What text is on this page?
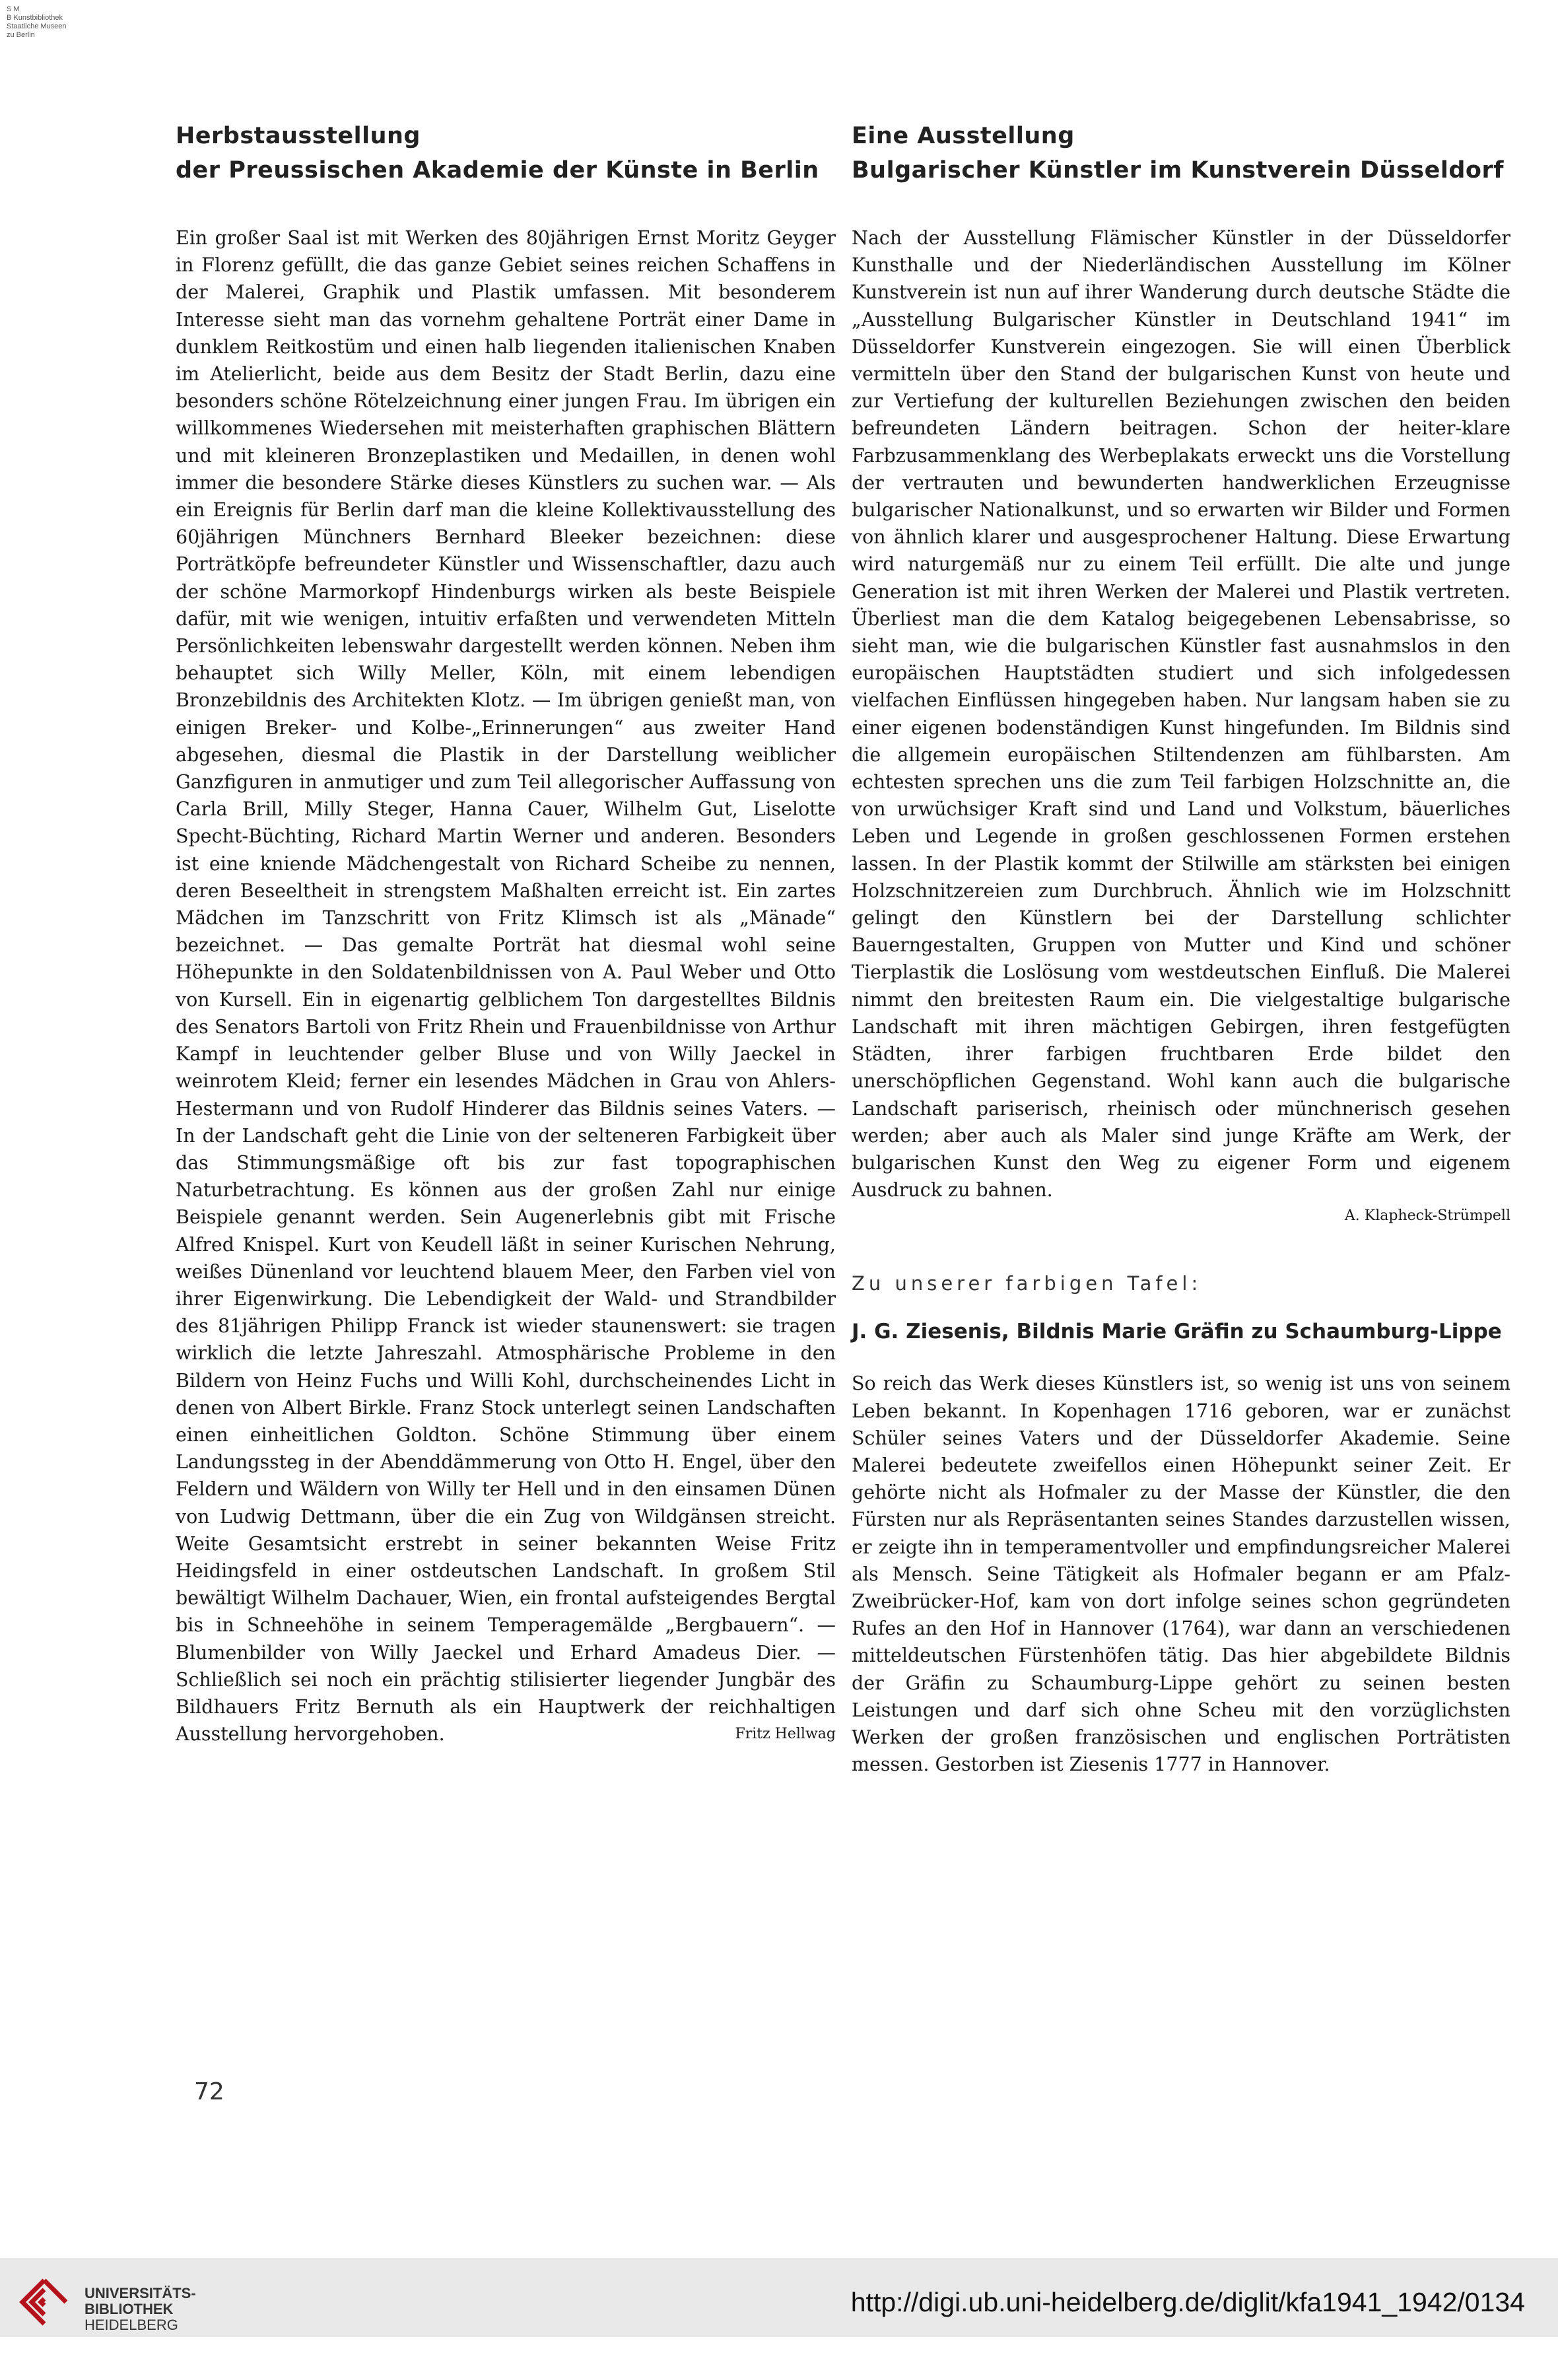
S M
B Kunstbibliothek
Staatliche Museen
zu Berlin
Herbstausstellung
der Preussischen Akademie der Künste in Berlin

Ein großer Saal ist mit Werken des 80jährigen Ernst Moritz Geyger in Florenz gefüllt, die das ganze Gebiet seines reichen Schaffens in der Malerei, Graphik und Plastik umfassen. Mit besonderem Interesse sieht man das vornehm gehaltene Porträt einer Dame in dunklem Reitkostüm und einen halb liegenden italienischen Knaben im Atelierlicht, beide aus dem Besitz der Stadt Berlin, dazu eine besonders schöne Rötelzeichnung einer jungen Frau. Im übrigen ein willkommenes Wiedersehen mit meisterhaften graphischen Blättern und mit kleineren Bronzeplastiken und Medaillen, in denen wohl immer die besondere Stärke dieses Künstlers zu suchen war. — Als ein Ereignis für Berlin darf man die kleine Kollektivausstellung des 60jährigen Münchners Bernhard Bleeker bezeichnen: diese Porträtköpfe befreundeter Künstler und Wissenschaftler, dazu auch der schöne Marmorkopf Hindenburgs wirken als beste Beispiele dafür, mit wie wenigen, intuitiv erfaßten und verwendeten Mitteln Persönlichkeiten lebenswahr dargestellt werden können. Neben ihm behauptet sich Willy Meller, Köln, mit einem lebendigen Bronzebildnis des Architekten Klotz. — Im übrigen genießt man, von einigen Breker- und Kolbe-„Erinnerungen“ aus zweiter Hand abgesehen, diesmal die Plastik in der Darstellung weiblicher Ganzfiguren in anmutiger und zum Teil allegorischer Auffassung von Carla Brill, Milly Steger, Hanna Cauer, Wilhelm Gut, Liselotte Specht-Büchting, Richard Martin Werner und anderen. Besonders ist eine kniende Mädchengestalt von Richard Scheibe zu nennen, deren Beseeltheit in strengstem Maßhalten erreicht ist. Ein zartes Mädchen im Tanzschritt von Fritz Klimsch ist als „Mänade“ bezeichnet. — Das gemalte Porträt hat diesmal wohl seine Höhepunkte in den Soldatenbildnissen von A. Paul Weber und Otto von Kursell. Ein in eigenartig gelblichem Ton dargestelltes Bildnis des Senators Bartoli von Fritz Rhein und Frauenbildnisse von Arthur Kampf in leuchtender gelber Bluse und von Willy Jaeckel in weinrotem Kleid; ferner ein lesendes Mädchen in Grau von Ahlers-Hestermann und von Rudolf Hinderer das Bildnis seines Vaters. — In der Landschaft geht die Linie von der selteneren Farbigkeit über das Stimmungsmäßige oft bis zur fast topographischen Naturbetrachtung. Es können aus der großen Zahl nur einige Beispiele genannt werden. Sein Augenerlebnis gibt mit Frische Alfred Knispel. Kurt von Keudell läßt in seiner Kurischen Nehrung, weißes Dünenland vor leuchtend blauem Meer, den Farben viel von ihrer Eigenwirkung. Die Lebendigkeit der Wald- und Strandbilder des 81jährigen Philipp Franck ist wieder staunenswert: sie tragen wirklich die letzte Jahreszahl. Atmosphärische Probleme in den Bildern von Heinz Fuchs und Willi Kohl, durchscheinendes Licht in denen von Albert Birkle. Franz Stock unterlegt seinen Landschaften einen einheitlichen Goldton. Schöne Stimmung über einem Landungssteg in der Abenddämmerung von Otto H. Engel, über den Feldern und Wäldern von Willy ter Hell und in den einsamen Dünen von Ludwig Dettmann, über die ein Zug von Wildgänsen streicht. Weite Gesamtsicht erstrebt in seiner bekannten Weise Fritz Heidingsfeld in einer ostdeutschen Landschaft. In großem Stil bewältigt Wilhelm Dachauer, Wien, ein frontal aufsteigendes Bergtal bis in Schneehöhe in seinem Temperagemälde „Bergbauern“. — Blumenbilder von Willy Jaeckel und Erhard Amadeus Dier. — Schließlich sei noch ein prächtig stilisierter liegender Jungbär des Bildhauers Fritz Bernuth als ein Hauptwerk der reichhaltigen Ausstellung hervorgehoben.	Fritz Hellwag
Eine Ausstellung
Bulgarischer Künstler im Kunstverein Düsseldorf

Nach der Ausstellung Flämischer Künstler in der Düsseldorfer Kunsthalle und der Niederländischen Ausstellung im Kölner Kunstverein ist nun auf ihrer Wanderung durch deutsche Städte die „Ausstellung Bulgarischer Künstler in Deutschland 1941“ im Düsseldorfer Kunstverein eingezogen. Sie will einen Überblick vermitteln über den Stand der bulgarischen Kunst von heute und zur Vertiefung der kulturellen Beziehungen zwischen den beiden befreundeten Ländern beitragen. Schon der heiter-klare Farbzusammenklang des Werbeplakats erweckt uns die Vorstellung der vertrauten und bewunderten handwerklichen Erzeugnisse bulgarischer Nationalkunst, und so erwarten wir Bilder und Formen von ähnlich klarer und ausgesprochener Haltung. Diese Erwartung wird naturgemäß nur zu einem Teil erfüllt. Die alte und junge Generation ist mit ihren Werken der Malerei und Plastik vertreten. Überliest man die dem Katalog beigegebenen Lebensabrisse, so sieht man, wie die bulgarischen Künstler fast ausnahmslos in den europäischen Hauptstädten studiert und sich infolgedessen vielfachen Einflüssen hingegeben haben. Nur langsam haben sie zu einer eigenen bodenständigen Kunst hingefunden. Im Bildnis sind die allgemein europäischen Stiltendenzen am fühlbarsten. Am echtesten sprechen uns die zum Teil farbigen Holzschnitte an, die von urwüchsiger Kraft sind und Land und Volkstum, bäuerliches Leben und Legende in großen geschlossenen Formen erstehen lassen. In der Plastik kommt der Stilwille am stärksten bei einigen Holzschnitzereien zum Durchbruch. Ähnlich wie im Holzschnitt gelingt den Künstlern bei der Darstellung schlichter Bauerngestalten, Gruppen von Mutter und Kind und schöner Tierplastik die Loslösung vom westdeutschen Einfluß. Die Malerei nimmt den breitesten Raum ein. Die vielgestaltige bulgarische Landschaft mit ihren mächtigen Gebirgen, ihren festgefügten Städten, ihrer farbigen fruchtbaren Erde bildet den unerschöpflichen Gegenstand. Wohl kann auch die bulgarische Landschaft pariserisch, rheinisch oder münchnerisch gesehen werden; aber auch als Maler sind junge Kräfte am Werk, der bulgarischen Kunst den Weg zu eigener Form und eigenem Ausdruck zu bahnen.

A. Klapheck-Strümpell
Zu unserer farbigen Tafel:
J. G. Ziesenis, Bildnis Marie Gräfin zu Schaumburg-Lippe

So reich das Werk dieses Künstlers ist, so wenig ist uns von seinem Leben bekannt. In Kopenhagen 1716 geboren, war er zunächst Schüler seines Vaters und der Düsseldorfer Akademie. Seine Malerei bedeutete zweifellos einen Höhepunkt seiner Zeit. Er gehörte nicht als Hofmaler zu der Masse der Künstler, die den Fürsten nur als Repräsentanten seines Standes darzustellen wissen, er zeigte ihn in temperamentvoller und empfindungsreicher Malerei als Mensch. Seine Tätigkeit als Hofmaler begann er am Pfalz-Zweibrücker-Hof, kam von dort infolge seines schon gegründeten Rufes an den Hof in Hannover (1764), war dann an verschiedenen mitteldeutschen Fürstenhöfen tätig. Das hier abgebildete Bildnis der Gräfin zu Schaumburg-Lippe gehört zu seinen besten Leistungen und darf sich ohne Scheu mit den vorzüglichsten Werken der großen französischen und englischen Porträtisten messen. Gestorben ist Ziesenis 1777 in Hannover.

72
UNIVERSITÄTS-
BIBLIOTHEK
HEIDELBERG
http://digi.ub.uni-heidelberg.de/diglit/kfa1941_1942/0134
